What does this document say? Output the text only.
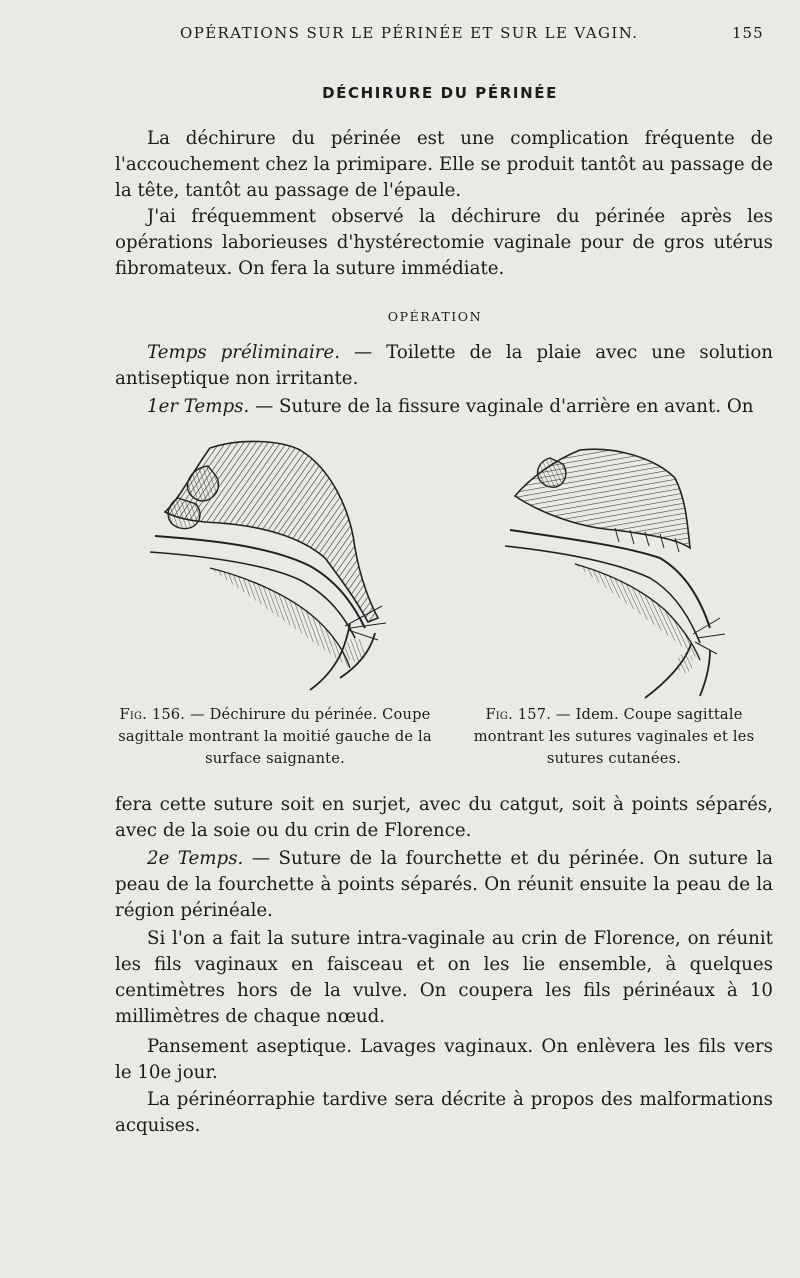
OPÉRATIONS SUR LE PÉRINÉE ET SUR LE VAGIN.	155
DÉCHIRURE DU PÉRINÉE

La déchirure du périnée est une complication fréquente de l'accouchement chez la primipare. Elle se produit tantôt au passage de la tête, tantôt au passage de l'épaule.

J'ai fréquemment observé la déchirure du périnée après les opérations laborieuses d'hystérectomie vaginale pour de gros utérus fibromateux. On fera la suture immédiate.

OPÉRATION

Temps préliminaire. — Toilette de la plaie avec une solution antiseptique non irritante.

1er Temps. — Suture de la fissure vaginale d'arrière en avant. On

Fig. 156. — Déchirure du périnée. Coupe sagittale montrant la moitié gauche de la surface saignante.
Fig. 157. — Idem. Coupe sagittale montrant les sutures vaginales et les sutures cutanées.

fera cette suture soit en surjet, avec du catgut, soit à points séparés, avec de la soie ou du crin de Florence.

2e Temps. — Suture de la fourchette et du périnée. On suture la peau de la fourchette à points séparés. On réunit ensuite la peau de la région périnéale.

Si l'on a fait la suture intra-vaginale au crin de Florence, on réunit les fils vaginaux en faisceau et on les lie ensemble, à quelques centimètres hors de la vulve. On coupera les fils périnéaux à 10 millimètres de chaque nœud.

Pansement aseptique. Lavages vaginaux. On enlèvera les fils vers le 10e jour.

La périnéorraphie tardive sera décrite à propos des malformations acquises.
